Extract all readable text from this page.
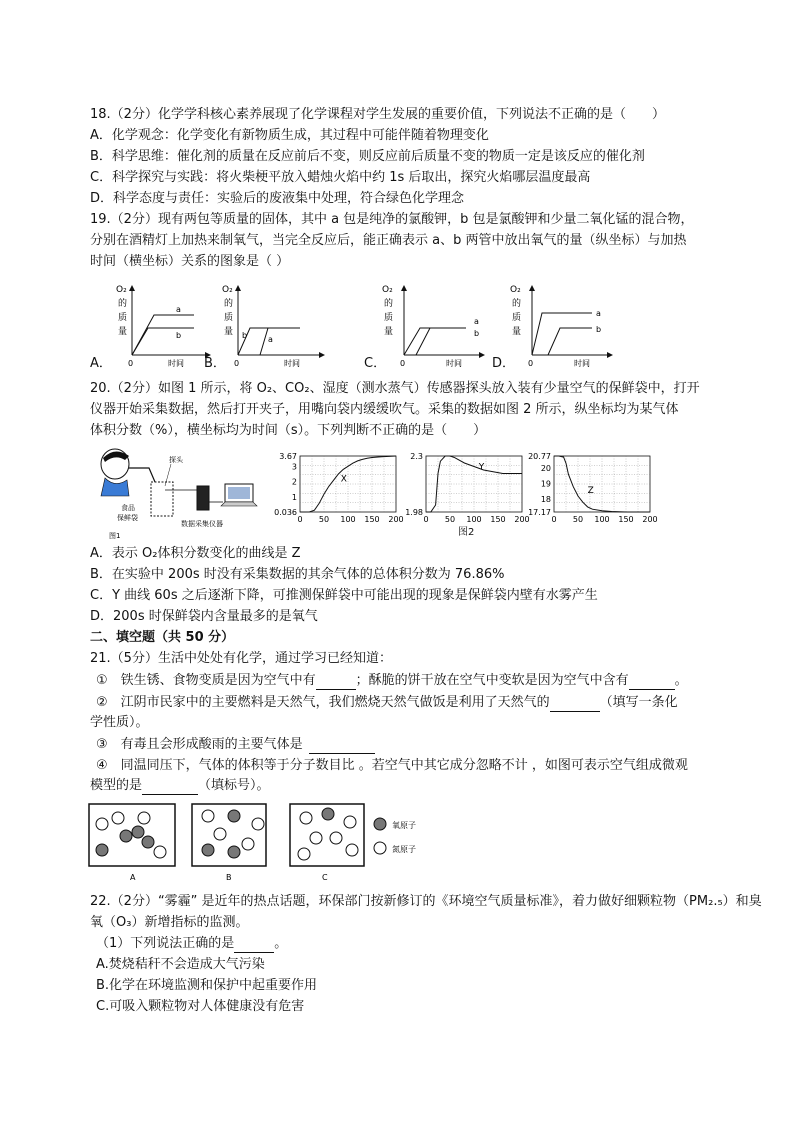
18.（2分）化学学科核心素养展现了化学课程对学生发展的重要价值，下列说法不正确的是（　　）
A．化学观念：化学变化有新物质生成，其过程中可能伴随着物理变化
B．科学思维：催化剂的质量在反应前后不变，则反应前后质量不变的物质一定是该反应的催化剂
C．科学探究与实践：将火柴梗平放入蜡烛火焰中约 1s 后取出，探究火焰哪层温度最高
D．科学态度与责任：实验后的废液集中处理，符合绿色化学理念
19.（2分）现有两包等质量的固体，其中 a 包是纯净的氯酸钾，b 包是氯酸钾和少量二氧化锰的混合物，
分别在酒精灯上加热来制氧气，当完全反应后，能正确表示 a、b 两管中放出氧气的量（纵坐标）与加热
时间（横坐标）关系的图象是（ ）
A．	B．	C．	D．
O₂
的
质
量
0	时间
a
b
O₂
的
质
量
0	时间
b	a
O₂
的
质
量
0	时间
a
b
O₂
的
质
量
0	时间
a
b
20.（2分）如图 1 所示，将 O₂、CO₂、湿度（测水蒸气）传感器探头放入装有少量空气的保鲜袋中，打开
仪器开始采集数据，然后打开夹子，用嘴向袋内缓缓吹气。采集的数据如图 2 所示，纵坐标均为某气体
体积分数（%），横坐标均为时间（s）。下列判断不正确的是（　　）
探头
食品
保鲜袋
数据采集仪器
图1
0.036
1
2
3
3.67
0 50 100 150 200
X
1.98
2.3
0 50 100 150 200
Y
17.17
18
19
20
20.77
0 50 100 150 200
Z
图2
A．表示 O₂体积分数变化的曲线是 Z
B．在实验中 200s 时没有采集数据的其余气体的总体积分数为 76.86%
C．Y 曲线 60s 之后逐渐下降，可推测保鲜袋中可能出现的现象是保鲜袋内壁有水雾产生
D．200s 时保鲜袋内含量最多的是氧气
二、填空题（共 50 分）
21.（5分）生活中处处有化学，通过学习已经知道：
①　铁生锈、食物变质是因为空气中有	；酥脆的饼干放在空气中变软是因为空气中含有	。
②　江阴市民家中的主要燃料是天然气，我们燃烧天然气做饭是利用了天然气的	（填写一条化
学性质）。
③　有毒且会形成酸雨的主要气体是
④　同温同压下，气体的体积等于分子数目比 。若空气中其它成分忽略不计 ，如图可表示空气组成微观
模型的是	（填标号）。
A	B	C
氧原子
氮原子
22.（2分）“雾霾” 是近年的热点话题，环保部门按新修订的《环境空气质量标准》，着力做好细颗粒物（PM₂.₅）和臭
氧（O₃）新增指标的监测。
（1）下列说法正确的是	。
A.焚烧秸秆不会造成大气污染
B.化学在环境监测和保护中起重要作用
C.可吸入颗粒物对人体健康没有危害
